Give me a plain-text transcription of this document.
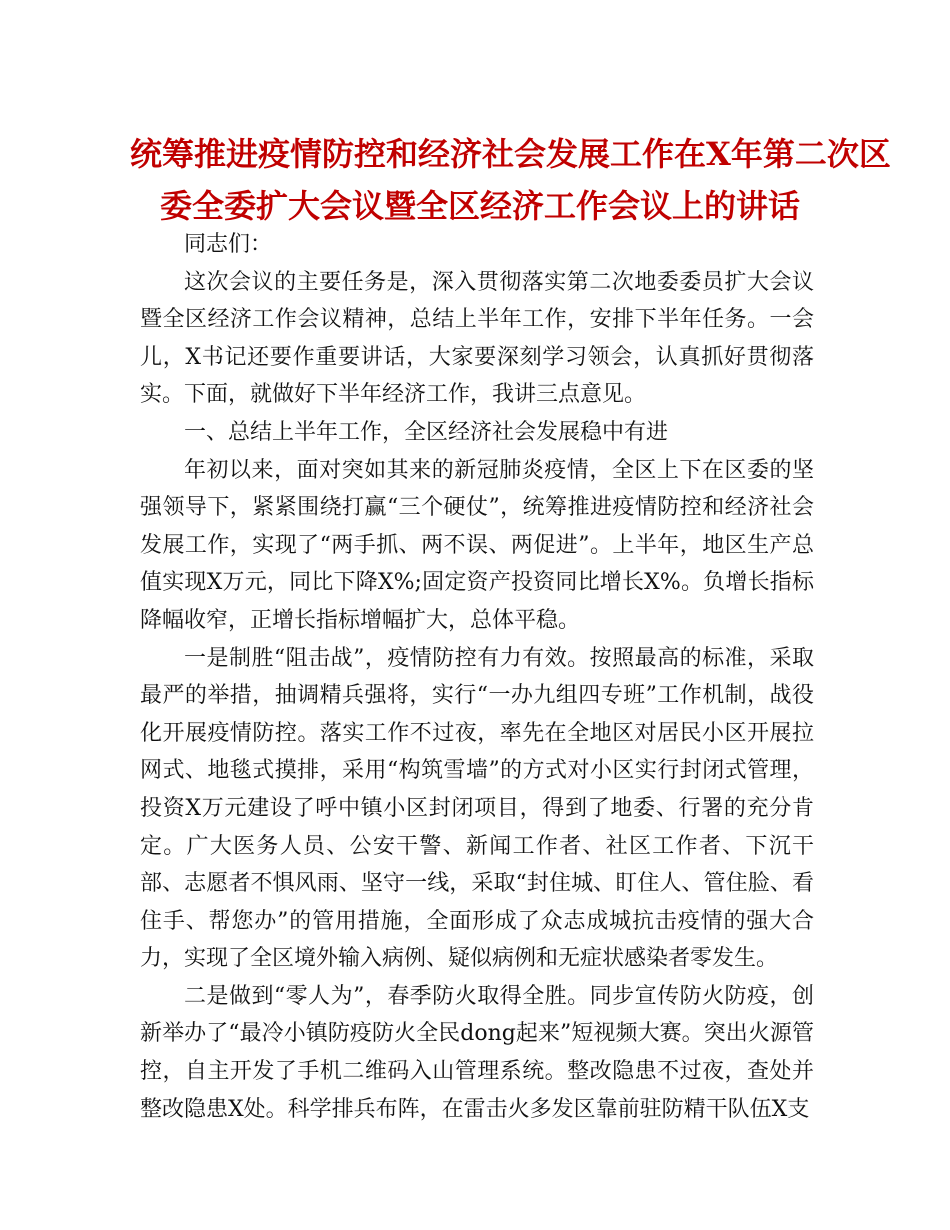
统筹推进疫情防控和经济社会发展工作在X年第二次区
委全委扩大会议暨全区经济工作会议上的讲话

同志们：

这次会议的主要任务是，深入贯彻落实第二次地委委员扩大会议暨全区经济工作会议精神，总结上半年工作，安排下半年任务。一会儿，X书记还要作重要讲话，大家要深刻学习领会，认真抓好贯彻落实。下面，就做好下半年经济工作，我讲三点意见。

一、总结上半年工作，全区经济社会发展稳中有进

年初以来，面对突如其来的新冠肺炎疫情，全区上下在区委的坚强领导下，紧紧围绕打赢“三个硬仗”，统筹推进疫情防控和经济社会发展工作，实现了“两手抓、两不误、两促进”。上半年，地区生产总值实现X万元，同比下降X%;固定资产投资同比增长X%。负增长指标降幅收窄，正增长指标增幅扩大，总体平稳。

一是制胜“阻击战”，疫情防控有力有效。按照最高的标准，采取最严的举措，抽调精兵强将，实行“一办九组四专班”工作机制，战役化开展疫情防控。落实工作不过夜，率先在全地区对居民小区开展拉网式、地毯式摸排，采用“构筑雪墙”的方式对小区实行封闭式管理，投资X万元建设了呼中镇小区封闭项目，得到了地委、行署的充分肯定。广大医务人员、公安干警、新闻工作者、社区工作者、下沉干部、志愿者不惧风雨、坚守一线，采取“封住城、盯住人、管住脸、看住手、帮您办”的管用措施，全面形成了众志成城抗击疫情的强大合力，实现了全区境外输入病例、疑似病例和无症状感染者零发生。

二是做到“零人为”，春季防火取得全胜。同步宣传防火防疫，创新举办了“最冷小镇防疫防火全民dong起来”短视频大赛。突出火源管控，自主开发了手机二维码入山管理系统。整改隐患不过夜，查处并整改隐患X处。科学排兵布阵，在雷击火多发区靠前驻防精干队伍X支
